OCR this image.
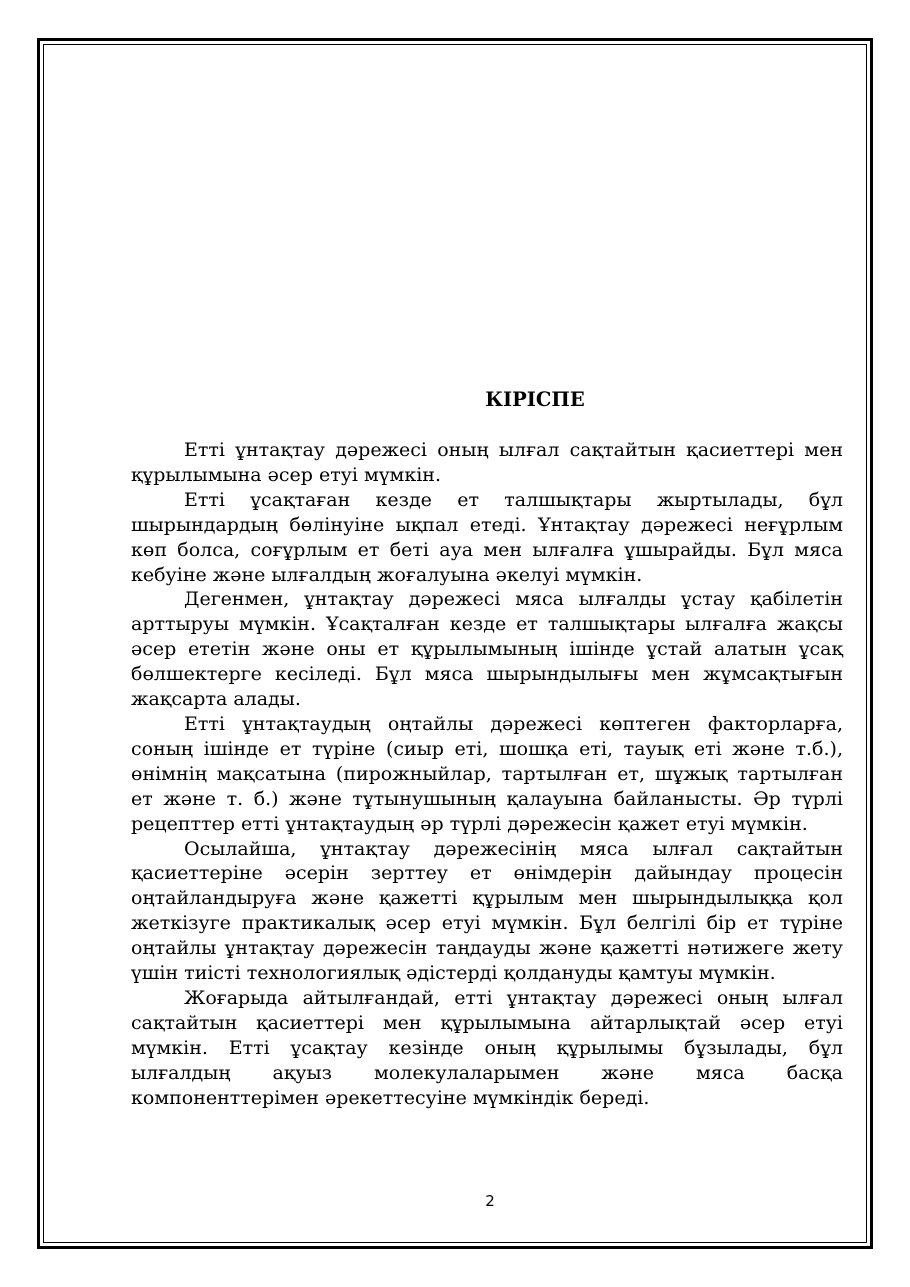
КІРІСПЕ

Етті ұнтақтау дәрежесі оның ылғал сақтайтын қасиеттері мен құрылымына әсер етуі мүмкін.

Етті ұсақтаған кезде ет талшықтары жыртылады, бұл шырындардың бөлінуіне ықпал етеді. Ұнтақтау дәрежесі неғұрлым көп болса, соғұрлым ет беті ауа мен ылғалға ұшырайды. Бұл мяса кебуіне және ылғалдың жоғалуына әкелуі мүмкін.

Дегенмен, ұнтақтау дәрежесі мяса ылғалды ұстау қабілетін арттыруы мүмкін. Ұсақталған кезде ет талшықтары ылғалға жақсы әсер ететін және оны ет құрылымының ішінде ұстай алатын ұсақ бөлшектерге кесіледі. Бұл мяса шырындылығы мен жұмсақтығын жақсарта алады.

Етті ұнтақтаудың оңтайлы дәрежесі көптеген факторларға, соның ішінде ет түріне (сиыр еті, шошқа еті, тауық еті және т.б.), өнімнің мақсатына (пирожныйлар, тартылған ет, шұжық тартылған ет және т. б.) және тұтынушының қалауына байланысты. Әр түрлі рецепттер етті ұнтақтаудың әр түрлі дәрежесін қажет етуі мүмкін.

Осылайша, ұнтақтау дәрежесінің мяса ылғал сақтайтын қасиеттеріне әсерін зерттеу ет өнімдерін дайындау процесін оңтайландыруға және қажетті құрылым мен шырындылыққа қол жеткізуге практикалық әсер етуі мүмкін. Бұл белгілі бір ет түріне оңтайлы ұнтақтау дәрежесін таңдауды және қажетті нәтижеге жету үшін тиісті технологиялық әдістерді қолдануды қамтуы мүмкін.

Жоғарыда айтылғандай, етті ұнтақтау дәрежесі оның ылғал сақтайтын қасиеттері мен құрылымына айтарлықтай әсер етуі мүмкін. Етті ұсақтау кезінде оның құрылымы бұзылады, бұл ылғалдың ақуыз молекулаларымен және мяса басқа компоненттерімен әрекеттесуіне мүмкіндік береді.

2
